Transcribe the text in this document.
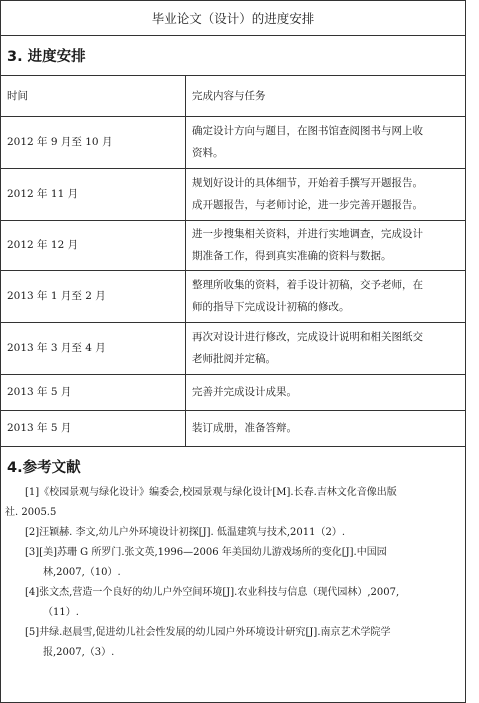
毕业论文（设计）的进度安排
3. 进度安排
时间	完成内容与任务
2012 年 9 月至 10 月	确定设计方向与题目，在图书馆查阅图书与网上收
资料。

2012 年 11 月	规划好设计的具体细节，开始着手撰写开题报告。
成开题报告，与老师讨论，进一步完善开题报告。

2012 年 12 月	进一步搜集相关资料，并进行实地调查，完成设计
期准备工作，得到真实准确的资料与数据。

2013 年 1 月至 2 月	整理所收集的资料，着手设计初稿，交予老师，在
师的指导下完成设计初稿的修改。

2013 年 3 月至 4 月	再次对设计进行修改，完成设计说明和相关图纸交
老师批阅并定稿。

2013 年 5 月	完善并完成设计成果。

2013 年 5 月	装订成册，准备答辩。
4.参考文献
[1]《校园景观与绿化设计》编委会,校园景观与绿化设计[M].长春.吉林文化音像出版
社. 2005.5
[2]汪颖赫. 李文,幼儿户外环境设计初探[J]. 低温建筑与技术,2011（2）.
[3][美]苏珊 G 所罗门.张文英,1996—2006 年美国幼儿游戏场所的变化[J].中国园
林,2007,（10）.
[4]张文杰,营造一个良好的幼儿户外空间环境[J].农业科技与信息（现代园林）,2007,
（11）.
[5]井绿.赵晨雪,促进幼儿社会性发展的幼儿园户外环境设计研究[J].南京艺术学院学
报,2007,（3）.
